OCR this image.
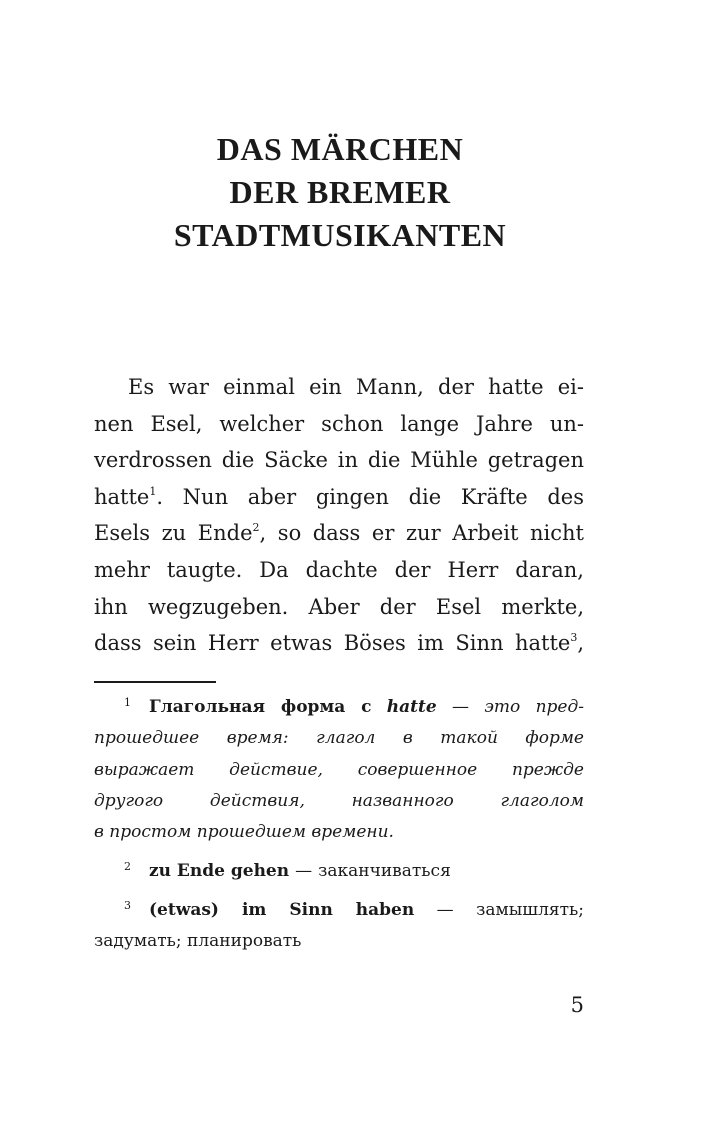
DAS MÄRCHEN
DER BREMER
STADTMUSIKANTEN
Es war einmal ein Mann, der hatte ei-
nen Esel, welcher schon lange Jahre un-
verdrossen die Säcke in die Mühle getragen
hatte$^1$. Nun aber gingen die Kräfte des
Esels zu Ende$^2$, so dass er zur Arbeit nicht
mehr taugte. Da dachte der Herr daran,
ihn wegzugeben. Aber der Esel merkte,
dass sein Herr etwas Böses im Sinn hatte$^3$,
$^1$ Глагольная форма с hatte — это пред-
прошедшее время: глагол в такой форме
выражает действие, совершенное прежде
другого действия, названного глаголом
в простом прошедшем времени.
$^2$ zu Ende gehen — заканчиваться
$^3$ (etwas) im Sinn haben — замышлять;
задумать; планировать
5
